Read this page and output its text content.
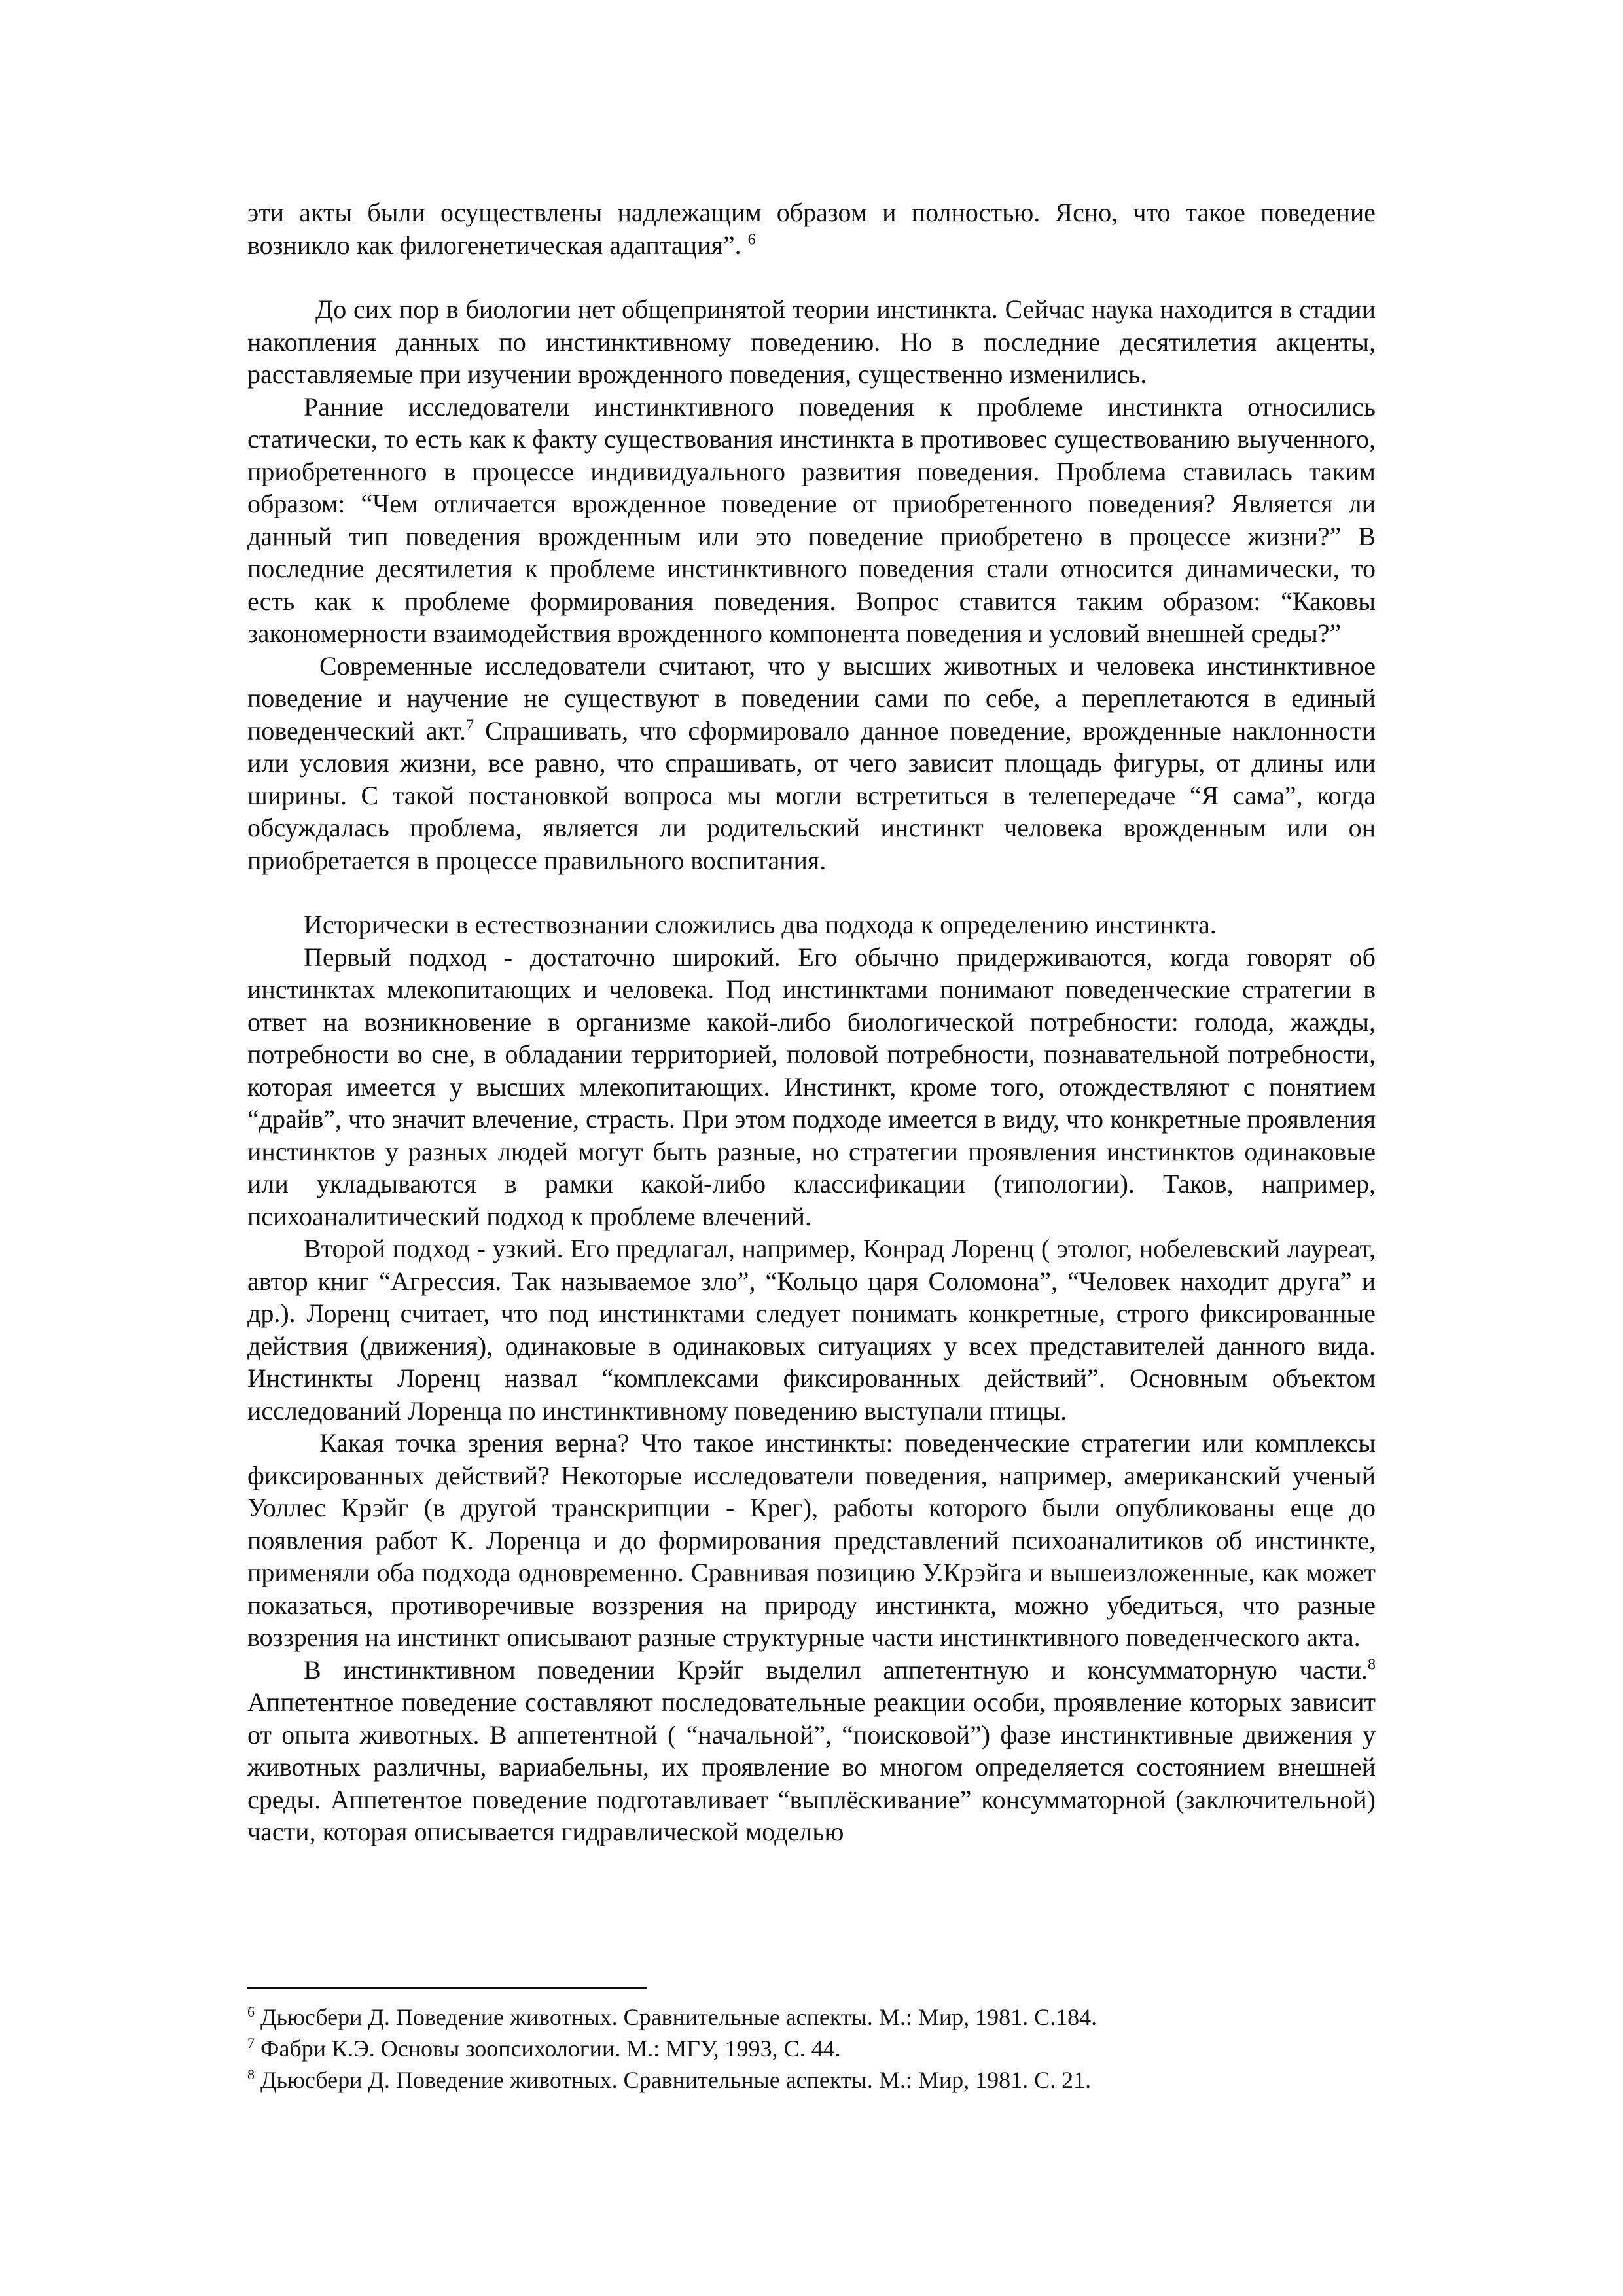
эти акты были осуществлены надлежащим образом и полностью. Ясно, что такое поведение возникло как филогенетическая адаптация”. $^6$

До сих пор в биологии нет общепринятой теории инстинкта. Сейчас наука находится в стадии накопления данных по инстинктивному поведению. Но в последние десятилетия акценты, расставляемые при изучении врожденного поведения, существенно изменились.

Ранние исследователи инстинктивного поведения к проблеме инстинкта относились статически, то есть как к факту существования инстинкта в противовес существованию выученного, приобретенного в процессе индивидуального развития поведения. Проблема ставилась таким образом: “Чем отличается врожденное поведение от приобретенного поведения? Является ли данный тип поведения врожденным или это поведение приобретено в процессе жизни?” В последние десятилетия к проблеме инстинктивного поведения стали относится динамически, то есть как к проблеме формирования поведения. Вопрос ставится таким образом: “Каковы закономерности взаимодействия врожденного компонента поведения и условий внешней среды?”

Современные исследователи считают, что у высших животных и человека инстинктивное поведение и научение не существуют в поведении сами по себе, а переплетаются в единый поведенческий акт.$^7$ Спрашивать, что сформировало данное поведение, врожденные наклонности или условия жизни, все равно, что спрашивать, от чего зависит площадь фигуры, от длины или ширины. С такой постановкой вопроса мы могли встретиться в телепередаче “Я сама”, когда обсуждалась проблема, является ли родительский инстинкт человека врожденным или он приобретается в процессе правильного воспитания.

Исторически в естествознании сложились два подхода к определению инстинкта.

Первый подход - достаточно широкий. Его обычно придерживаются, когда говорят об инстинктах млекопитающих и человека. Под инстинктами понимают поведенческие стратегии в ответ на возникновение в организме какой-либо биологической потребности: голода, жажды, потребности во сне, в обладании территорией, половой потребности, познавательной потребности, которая имеется у высших млекопитающих. Инстинкт, кроме того, отождествляют с понятием “драйв”, что значит влечение, страсть. При этом подходе имеется в виду, что конкретные проявления инстинктов у разных людей могут быть разные, но стратегии проявления инстинктов одинаковые или укладываются в рамки какой-либо классификации (типологии). Таков, например, психоаналитический подход к проблеме влечений.

Второй подход - узкий. Его предлагал, например, Конрад Лоренц ( этолог, нобелевский лауреат, автор книг “Агрессия. Так называемое зло”, “Кольцо царя Соломона”, “Человек находит друга” и др.). Лоренц считает, что под инстинктами следует понимать конкретные, строго фиксированные действия (движения), одинаковые в одинаковых ситуациях у всех представителей данного вида. Инстинкты Лоренц назвал “комплексами фиксированных действий”. Основным объектом исследований Лоренца по инстинктивному поведению выступали птицы.

Какая точка зрения верна? Что такое инстинкты: поведенческие стратегии или комплексы фиксированных действий? Некоторые исследователи поведения, например, американский ученый Уоллес Крэйг (в другой транскрипции - Крег), работы которого были опубликованы еще до появления работ К. Лоренца и до формирования представлений психоаналитиков об инстинкте, применяли оба подхода одновременно. Сравнивая позицию У.Крэйга и вышеизложенные, как может показаться, противоречивые воззрения на природу инстинкта, можно убедиться, что разные воззрения на инстинкт описывают разные структурные части инстинктивного поведенческого акта.

В инстинктивном поведении Крэйг выделил аппетентную и консумматорную части.$^8$ Аппетентное поведение составляют последовательные реакции особи, проявление которых зависит от опыта животных. В аппетентной ( “начальной”, “поисковой”) фазе инстинктивные движения у животных различны, вариабельны, их проявление во многом определяется состоянием внешней среды. Аппетентое поведение подготавливает “выплёскивание” консумматорной (заключительной) части, которая описывается гидравлической моделью

$^6$ Дьюсбери Д. Поведение животных. Сравнительные аспекты. М.: Мир, 1981. С.184.

$^7$ Фабри К.Э. Основы зоопсихологии. М.: МГУ, 1993, С. 44.

$^8$ Дьюсбери Д. Поведение животных. Сравнительные аспекты. М.: Мир, 1981. С. 21.
